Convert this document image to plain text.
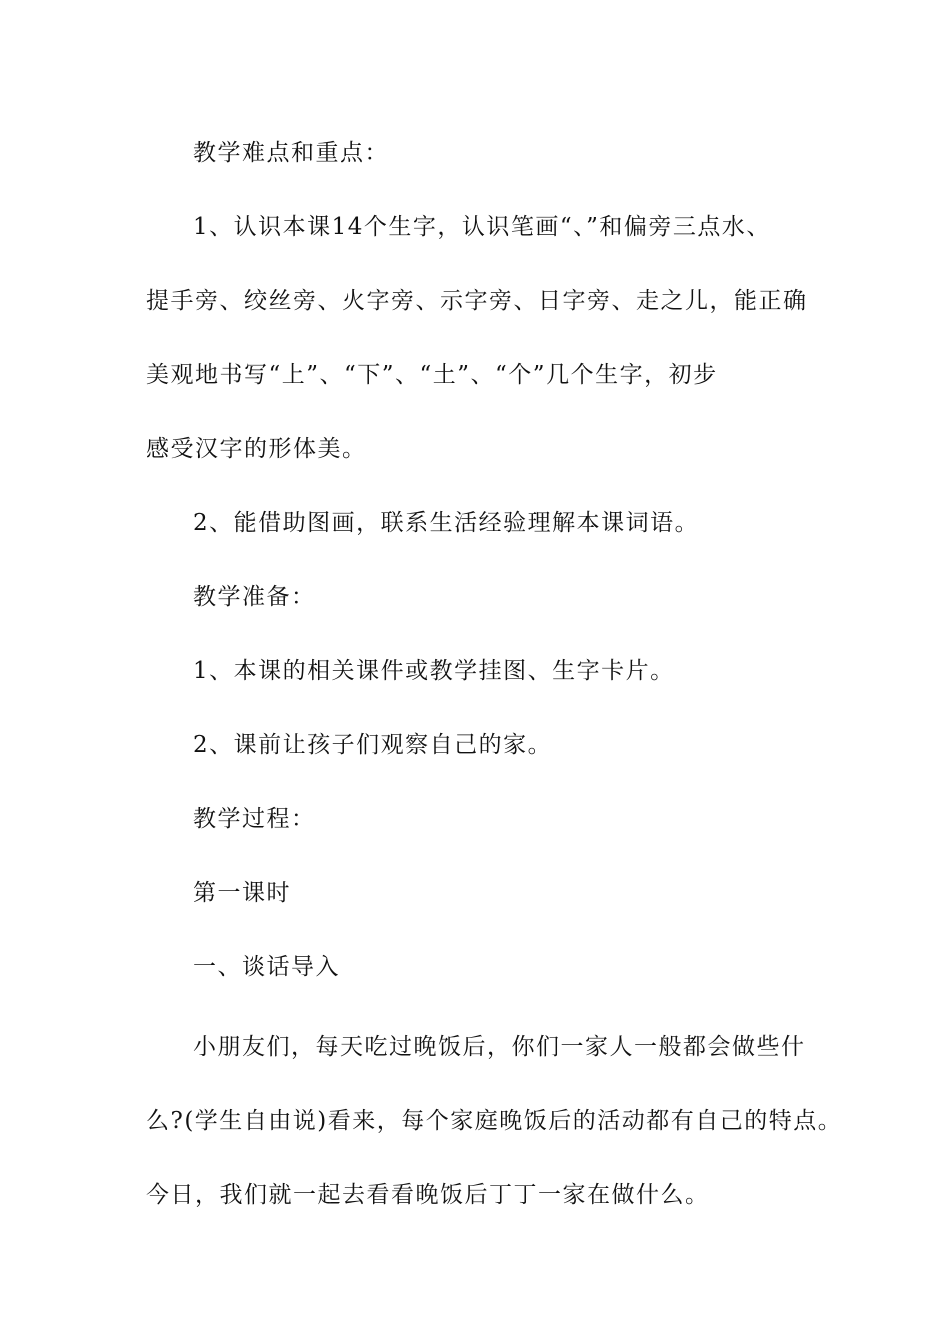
教学难点和重点：
1、认识本课14个生字，认识笔画“、”和偏旁三点水、
提手旁、绞丝旁、火字旁、示字旁、日字旁、走之儿，能正确
美观地书写“上”、“下”、“土”、“个”几个生字，初步
感受汉字的形体美。
2、能借助图画，联系生活经验理解本课词语。
教学准备：
1、本课的相关课件或教学挂图、生字卡片。
2、课前让孩子们观察自己的家。
教学过程：
第一课时
一、谈话导入
小朋友们，每天吃过晚饭后，你们一家人一般都会做些什
么?(学生自由说)看来，每个家庭晚饭后的活动都有自己的特点。
今日，我们就一起去看看晚饭后丁丁一家在做什么。
